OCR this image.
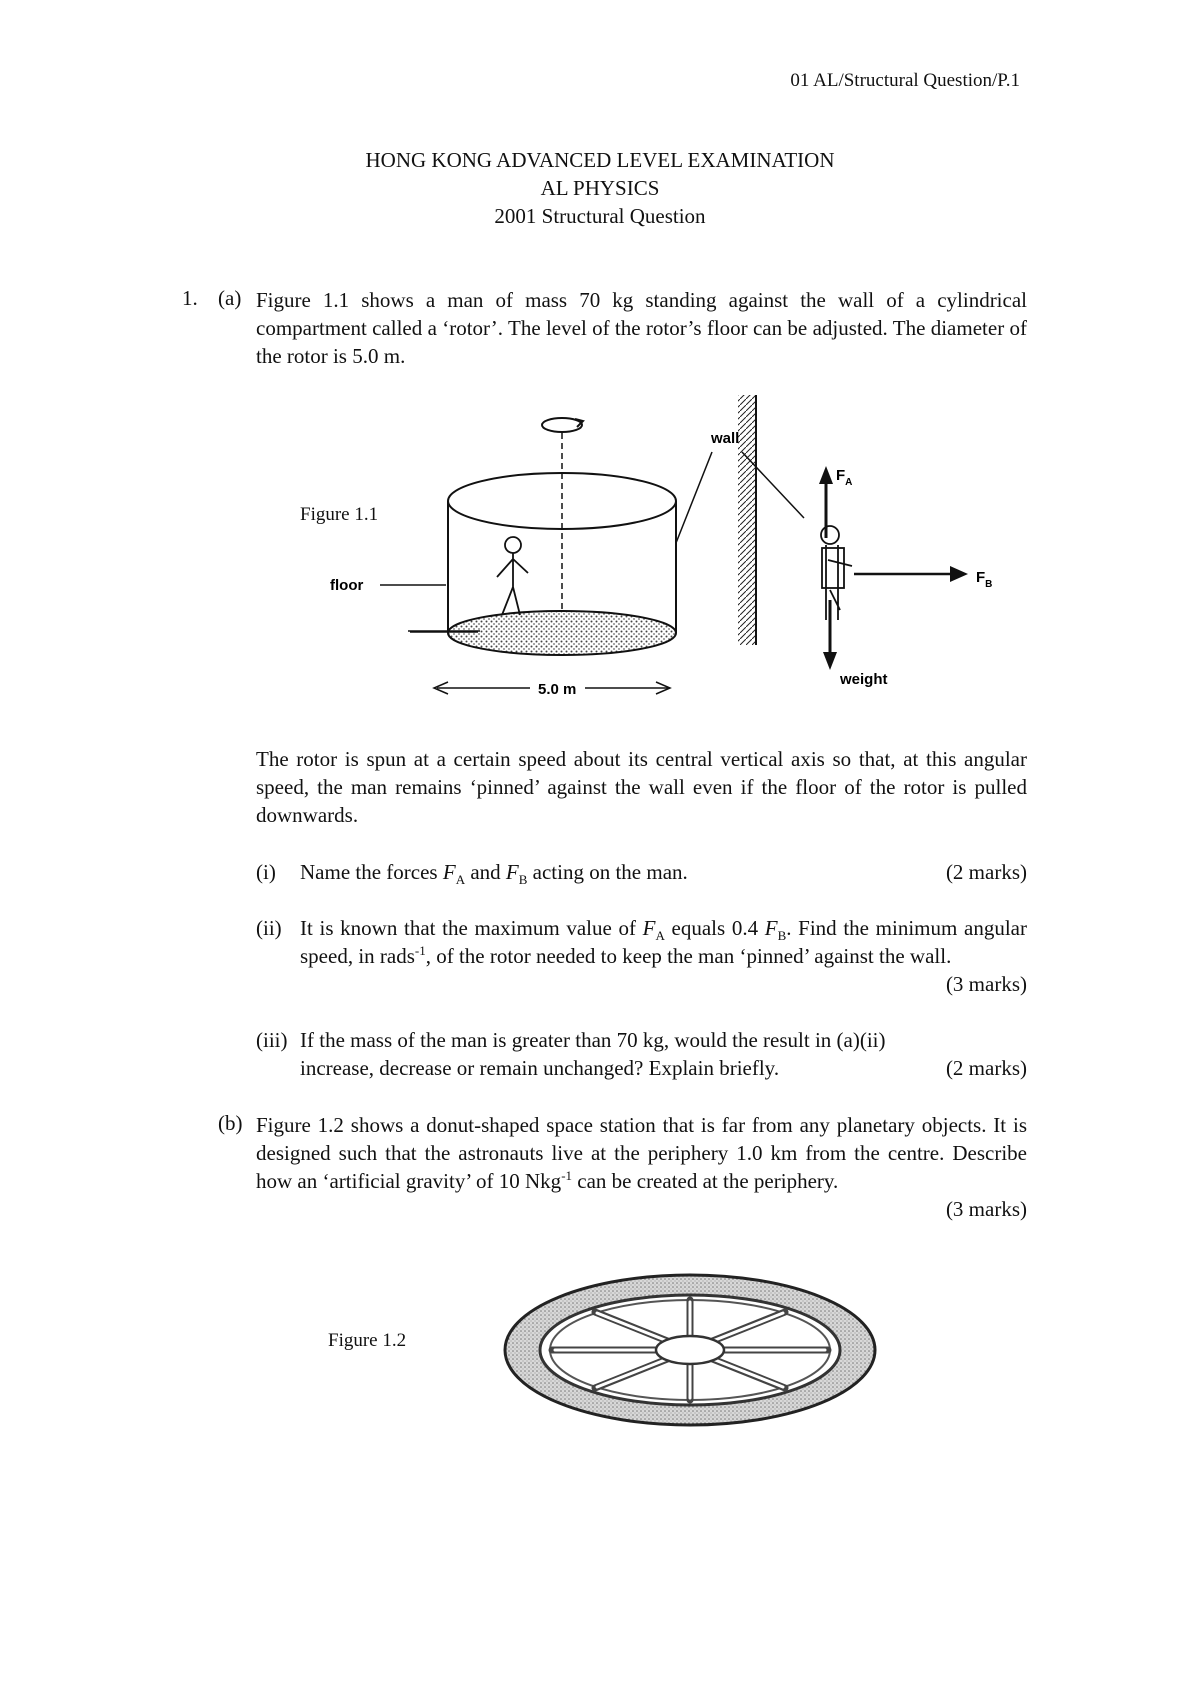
01 AL/Structural Question/P.1
HONG KONG ADVANCED LEVEL EXAMINATION
AL PHYSICS
2001 Structural Question
1. (a) Figure 1.1 shows a man of mass 70 kg standing against the wall of a cylindrical compartment called a ‘rotor’. The level of the rotor’s floor can be adjusted. The diameter of the rotor is 5.0 m.
Figure 1.1
floor
5.0 m
wall
$F_A$
$F_B$
weight
The rotor is spun at a certain speed about its central vertical axis so that, at this angular speed, the man remains ‘pinned’ against the wall even if the floor of the rotor is pulled downwards.
(i) Name the forces $F_A$ and $F_B$ acting on the man.	(2 marks)
(ii) It is known that the maximum value of $F_A$ equals 0.4 $F_B$. Find the minimum angular speed, in rads$^{-1}$, of the rotor needed to keep the man ‘pinned’ against the wall.
(3 marks)
(iii) If the mass of the man is greater than 70 kg, would the result in (a)(ii)
increase, decrease or remain unchanged? Explain briefly.	(2 marks)
(b) Figure 1.2 shows a donut-shaped space station that is far from any planetary objects. It is designed such that the astronauts live at the periphery 1.0 km from the centre. Describe how an ‘artificial gravity’ of 10 Nkg$^{-1}$ can be created at the periphery.
(3 marks)
Figure 1.2
